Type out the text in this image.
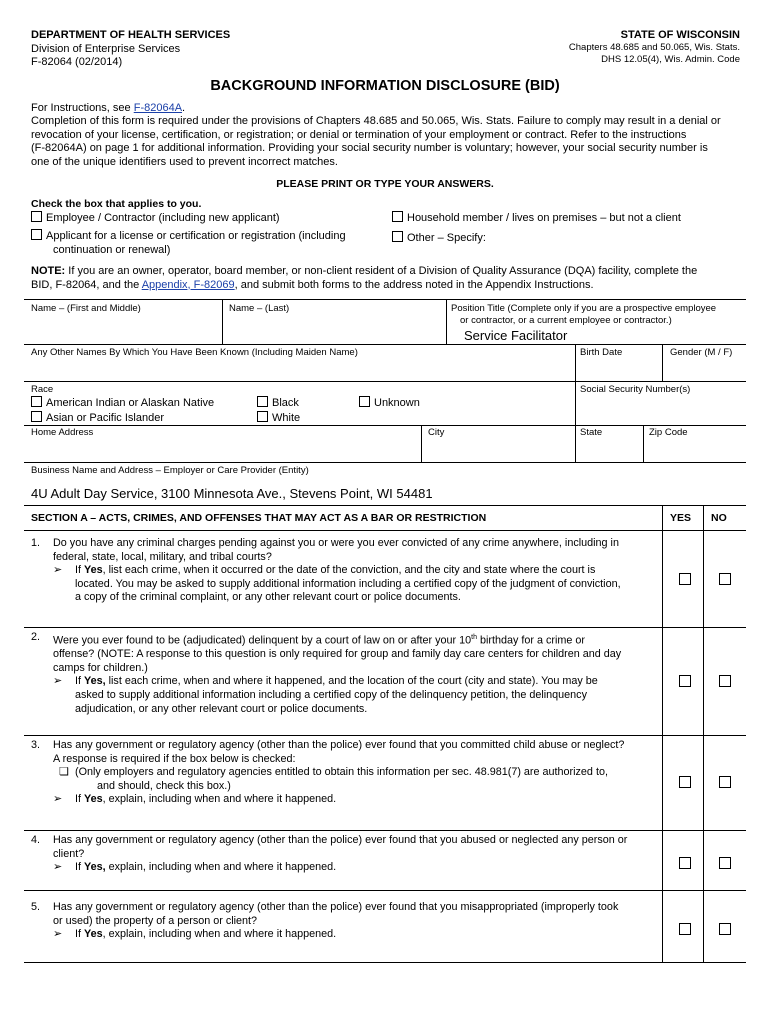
DEPARTMENT OF HEALTH SERVICES
Division of Enterprise Services
F-82064 (02/2014)
STATE OF WISCONSIN
Chapters 48.685 and 50.065, Wis. Stats.
DHS 12.05(4), Wis. Admin. Code
BACKGROUND INFORMATION DISCLOSURE (BID)
For Instructions, see F-82064A.
Completion of this form is required under the provisions of Chapters 48.685 and 50.065, Wis. Stats. Failure to comply may result in a denial or
revocation of your license, certification, or registration; or denial or termination of your employment or contract. Refer to the instructions
(F-82064A) on page 1 for additional information. Providing your social security number is voluntary; however, your social security number is
one of the unique identifiers used to prevent incorrect matches.
PLEASE PRINT OR TYPE YOUR ANSWERS.
Check the box that applies to you.
Employee / Contractor (including new applicant)
Applicant for a license or certification or registration (including
continuation or renewal)
Household member / lives on premises – but not a client
Other – Specify:
NOTE: If you are an owner, operator, board member, or non-client resident of a Division of Quality Assurance (DQA) facility, complete the
BID, F-82064, and the Appendix, F-82069, and submit both forms to the address noted in the Appendix Instructions.
Name – (First and Middle)	Name – (Last)	Position Title (Complete only if you are a prospective employee
or contractor, or a current employee or contractor.)
Service Facilitator
Any Other Names By Which You Have Been Known (Including Maiden Name)	Birth Date	Gender (M / F)
Race
American Indian or Alaskan Native
Asian or Pacific Islander
Black
White
Unknown
Social Security Number(s)
Home Address	City	State	Zip Code
Business Name and Address – Employer or Care Provider (Entity)
4U Adult Day Service, 3100 Minnesota Ave., Stevens Point, WI 54481
SECTION A – ACTS, CRIMES, AND OFFENSES THAT MAY ACT AS A BAR OR RESTRICTION	YES NO
1. Do you have any criminal charges pending against you or were you ever convicted of any crime anywhere, including in
federal, state, local, military, and tribal courts?
➢ If Yes, list each crime, when it occurred or the date of the conviction, and the city and state where the court is
located. You may be asked to supply additional information including a certified copy of the judgment of conviction,
a copy of the criminal complaint, or any other relevant court or police documents.
2. Were you ever found to be (adjudicated) delinquent by a court of law on or after your 10th birthday for a crime or
offense? (NOTE: A response to this question is only required for group and family day care centers for children and day
camps for children.)
➢ If Yes, list each crime, when and where it happened, and the location of the court (city and state). You may be
asked to supply additional information including a certified copy of the delinquency petition, the delinquency
adjudication, or any other relevant court or police documents.
3. Has any government or regulatory agency (other than the police) ever found that you committed child abuse or neglect?
A response is required if the box below is checked:
❏ (Only employers and regulatory agencies entitled to obtain this information per sec. 48.981(7) are authorized to,
and should, check this box.)
➢ If Yes, explain, including when and where it happened.
4. Has any government or regulatory agency (other than the police) ever found that you abused or neglected any person or
client?
➢ If Yes, explain, including when and where it happened.
5. Has any government or regulatory agency (other than the police) ever found that you misappropriated (improperly took
or used) the property of a person or client?
➢ If Yes, explain, including when and where it happened.
